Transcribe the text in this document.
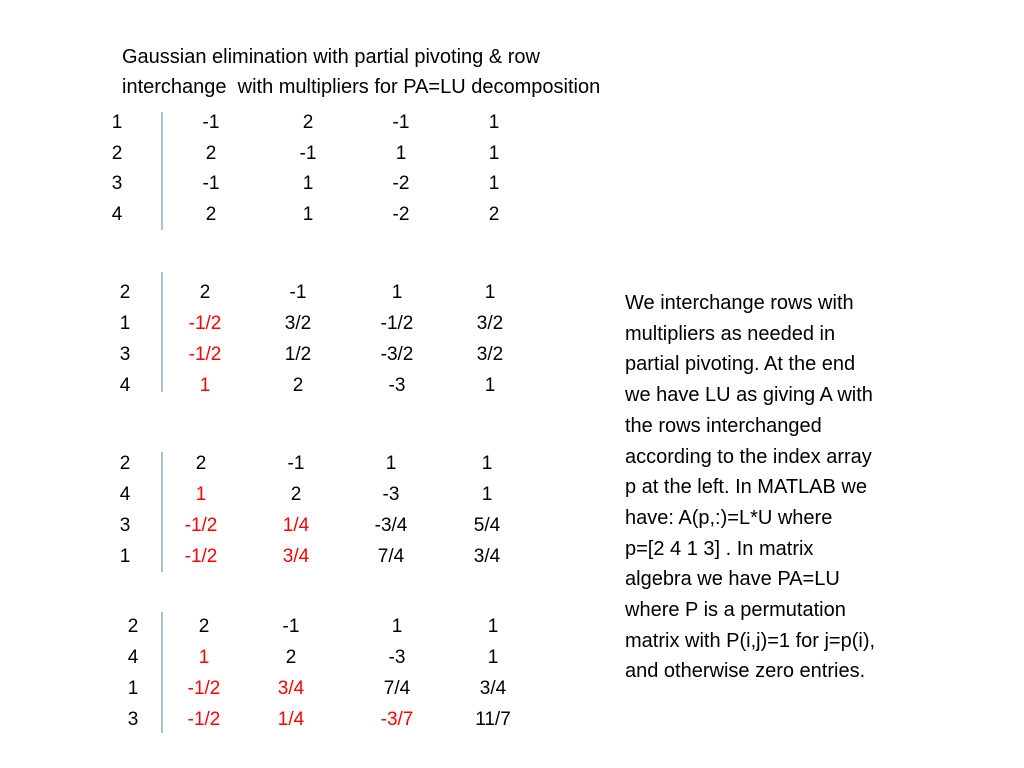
Gaussian elimination with partial pivoting & row
interchange  with multipliers for PA=LU decomposition
1	-1	2	-1	1
2	2	-1	1	1
3	-1	1	-2	1
4	2	1	-2	2
2	2	-1	1	1
1	-1/2	3/2	-1/2	3/2
3	-1/2	1/2	-3/2	3/2
4	1	2	-3	1
2	2	-1	1	1
4	1	2	-3	1
3	-1/2	1/4	-3/4	5/4
1	-1/2	3/4	7/4	3/4
2	2	-1	1	1
4	1	2	-3	1
1	-1/2	3/4	7/4	3/4
3	-1/2	1/4	-3/7	11/7

We interchange rows with
multipliers as needed in
partial pivoting. At the end
we have LU as giving A with
the rows interchanged
according to the index array
p at the left. In MATLAB we
have: A(p,:)=L*U where
p=[2 4 1 3] . In matrix
algebra we have PA=LU
where P is a permutation
matrix with P(i,j)=1 for j=p(i),
and otherwise zero entries.
